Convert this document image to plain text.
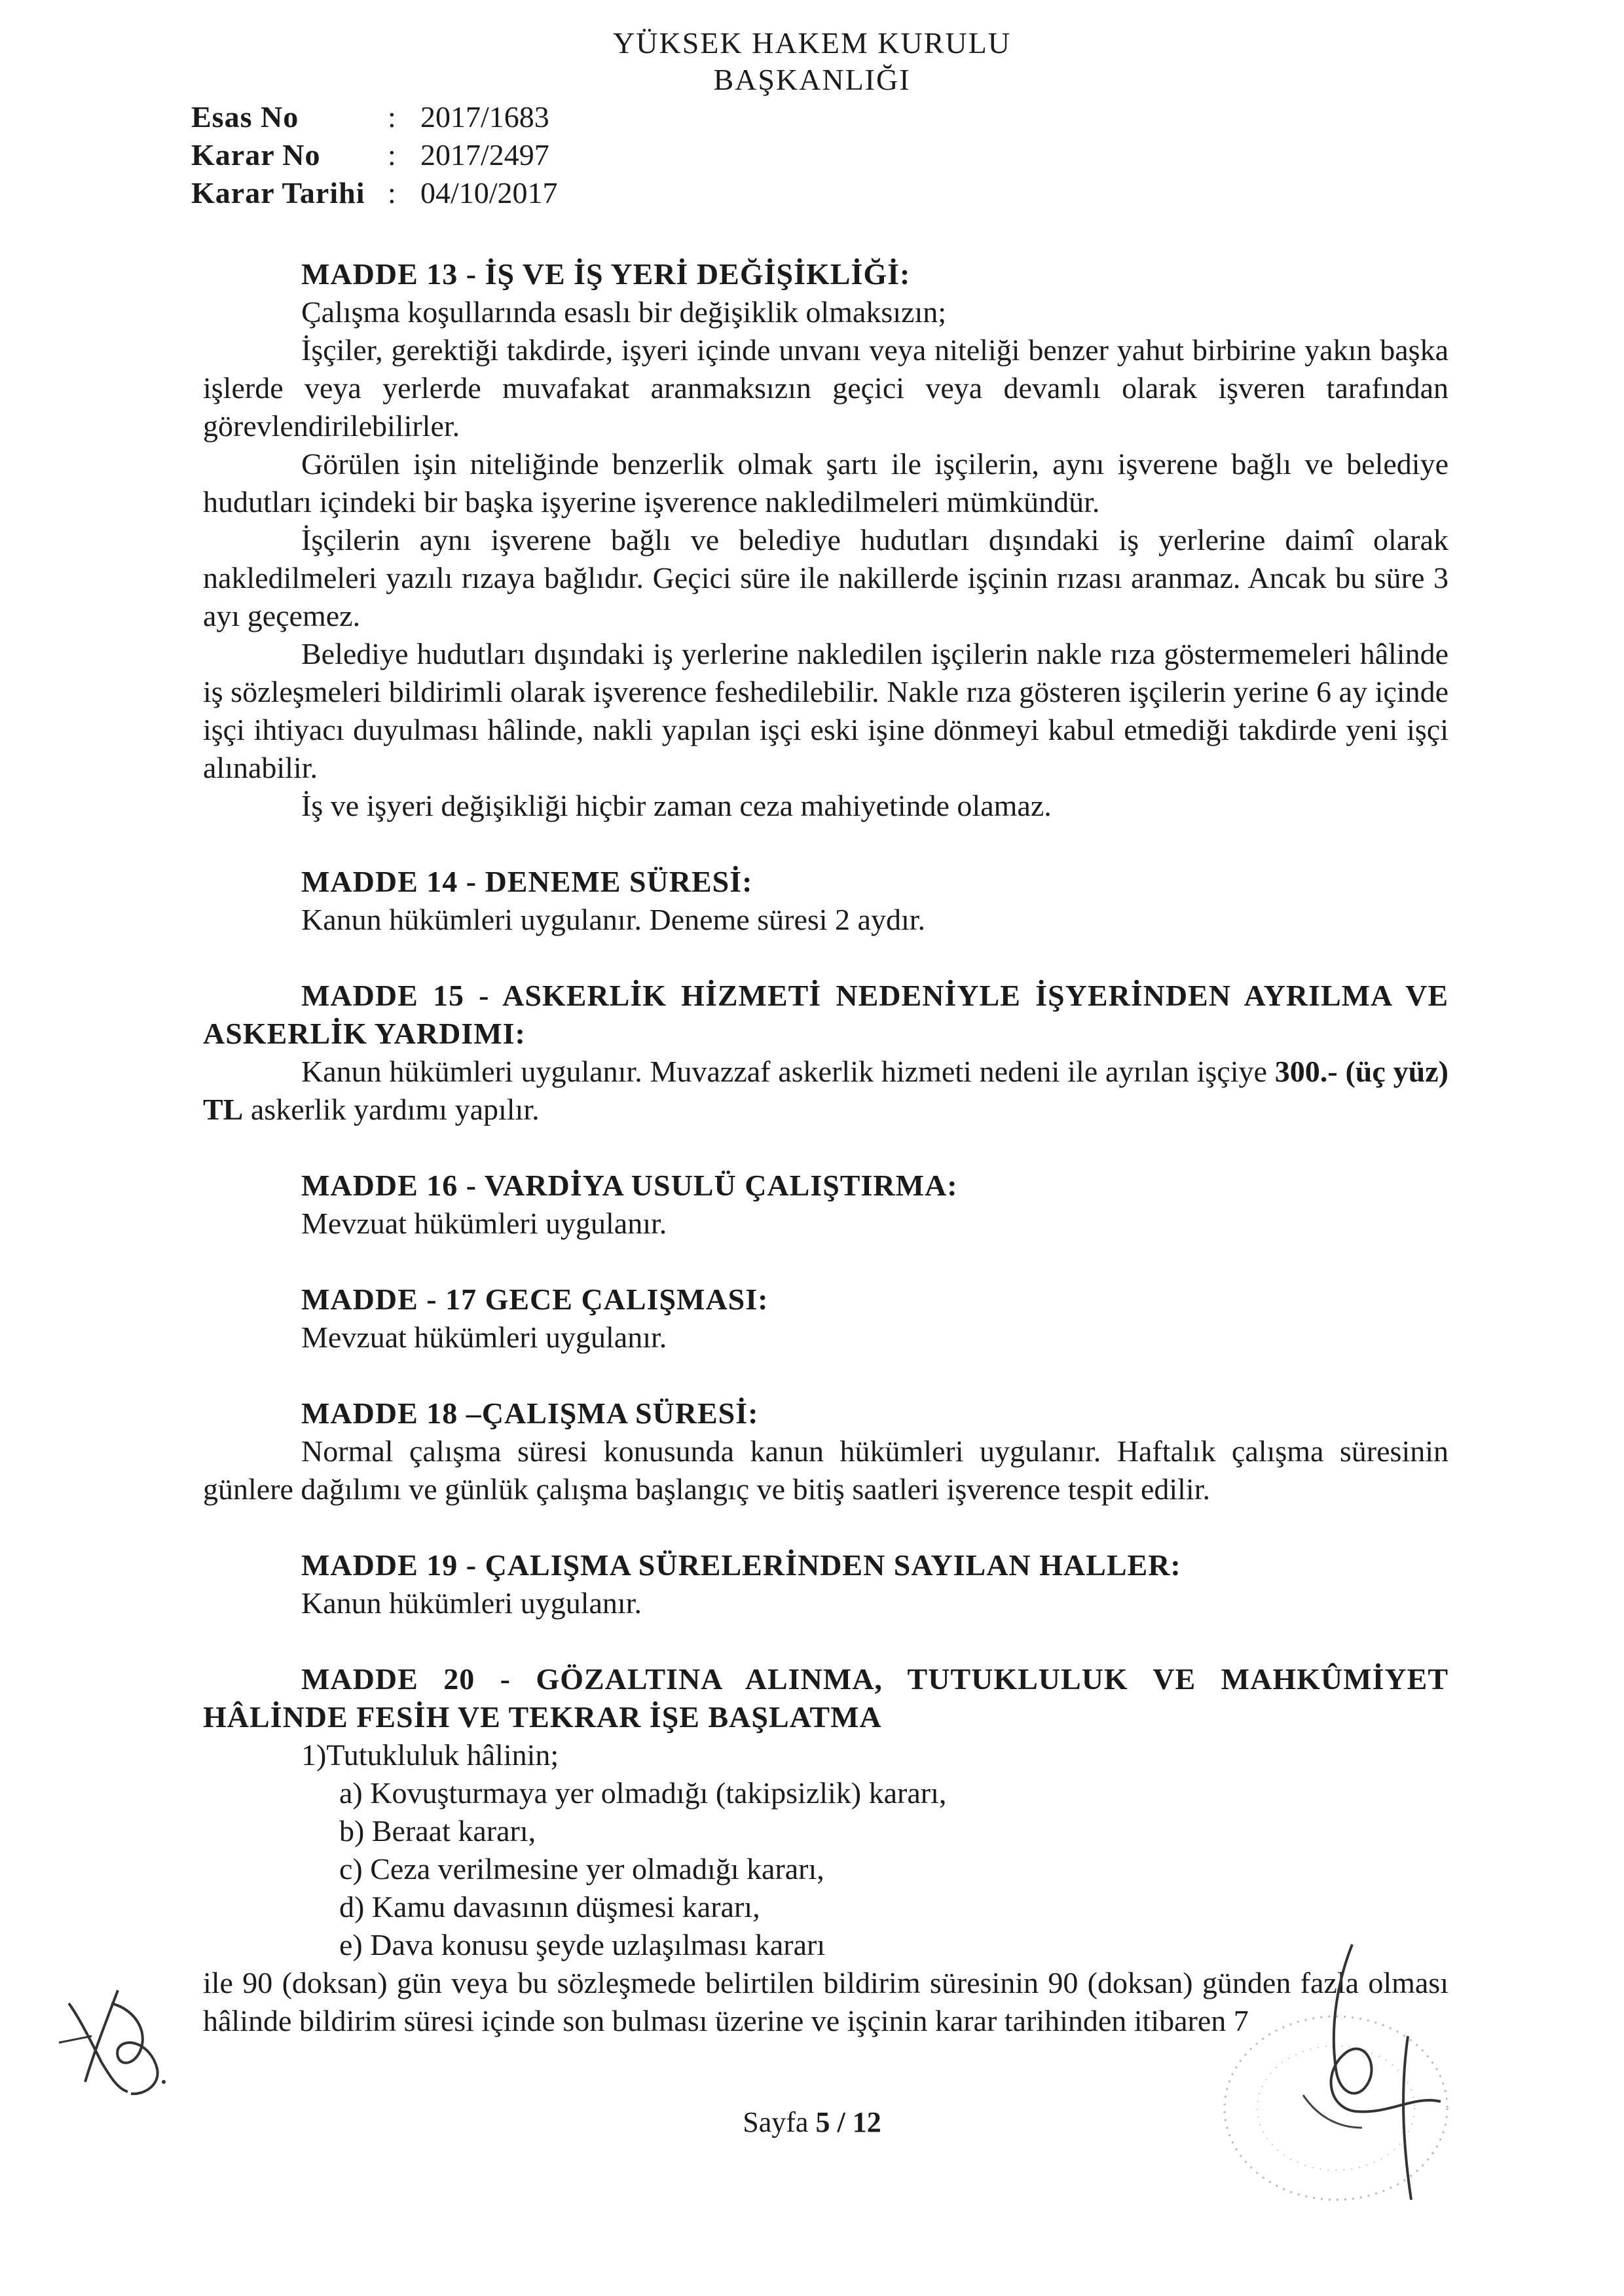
YÜKSEK HAKEM KURULU
BAŞKANLIĞI
Esas No	: 2017/1683
Karar No	: 2017/2497
Karar Tarihi : 04/10/2017

MADDE 13 - İŞ VE İŞ YERİ DEĞİŞİKLİĞİ:

Çalışma koşullarında esaslı bir değişiklik olmaksızın;

İşçiler, gerektiği takdirde, işyeri içinde unvanı veya niteliği benzer yahut birbirine yakın başka işlerde veya yerlerde muvafakat aranmaksızın geçici veya devamlı olarak işveren tarafından görevlendirilebilirler.

Görülen işin niteliğinde benzerlik olmak şartı ile işçilerin, aynı işverene bağlı ve belediye hudutları içindeki bir başka işyerine işverence nakledilmeleri mümkündür.

İşçilerin aynı işverene bağlı ve belediye hudutları dışındaki iş yerlerine daimî olarak nakledilmeleri yazılı rızaya bağlıdır. Geçici süre ile nakillerde işçinin rızası aranmaz. Ancak bu süre 3 ayı geçemez.

Belediye hudutları dışındaki iş yerlerine nakledilen işçilerin nakle rıza göstermemeleri hâlinde iş sözleşmeleri bildirimli olarak işverence feshedilebilir. Nakle rıza gösteren işçilerin yerine 6 ay içinde işçi ihtiyacı duyulması hâlinde, nakli yapılan işçi eski işine dönmeyi kabul etmediği takdirde yeni işçi alınabilir.

İş ve işyeri değişikliği hiçbir zaman ceza mahiyetinde olamaz.

MADDE 14 - DENEME SÜRESİ:

Kanun hükümleri uygulanır. Deneme süresi 2 aydır.

MADDE 15 - ASKERLİK HİZMETİ NEDENİYLE İŞYERİNDEN AYRILMA VE ASKERLİK YARDIMI:

Kanun hükümleri uygulanır. Muvazzaf askerlik hizmeti nedeni ile ayrılan işçiye 300.- (üç yüz) TL askerlik yardımı yapılır.

MADDE 16 - VARDİYA USULÜ ÇALIŞTIRMA:

Mevzuat hükümleri uygulanır.

MADDE - 17 GECE ÇALIŞMASI:

Mevzuat hükümleri uygulanır.

MADDE 18 –ÇALIŞMA SÜRESİ:

Normal çalışma süresi konusunda kanun hükümleri uygulanır. Haftalık çalışma süresinin günlere dağılımı ve günlük çalışma başlangıç ve bitiş saatleri işverence tespit edilir.

MADDE 19 - ÇALIŞMA SÜRELERİNDEN SAYILAN HALLER:

Kanun hükümleri uygulanır.

MADDE 20 - GÖZALTINA ALINMA, TUTUKLULUK VE MAHKÛMİYET HÂLİNDE FESİH VE TEKRAR İŞE BAŞLATMA

1)Tutukluluk hâlinin;

a) Kovuşturmaya yer olmadığı (takipsizlik) kararı,

b) Beraat kararı,

c) Ceza verilmesine yer olmadığı kararı,

d) Kamu davasının düşmesi kararı,

e) Dava konusu şeyde uzlaşılması kararı

ile 90 (doksan) gün veya bu sözleşmede belirtilen bildirim süresinin 90 (doksan) günden fazla olması hâlinde bildirim süresi içinde son bulması üzerine ve işçinin karar tarihinden itibaren 7

Sayfa 5 / 12
